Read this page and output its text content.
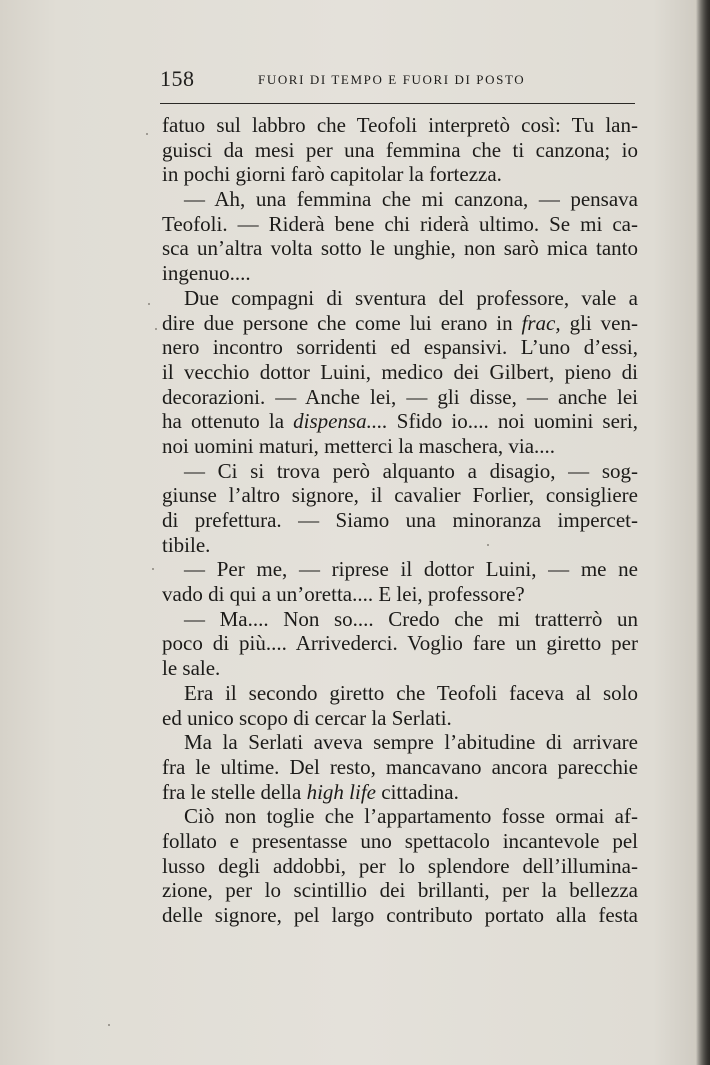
158	FUORI DI TEMPO E FUORI DI POSTO
fatuo sul labbro che Teofoli interpretò così: Tu lan-
guisci da mesi per una femmina che ti canzona; io
in pochi giorni farò capitolar la fortezza.
— Ah, una femmina che mi canzona, — pensava
Teofoli. — Riderà bene chi riderà ultimo. Se mi ca-
sca un’altra volta sotto le unghie, non sarò mica tanto
ingenuo....
Due compagni di sventura del professore, vale a
dire due persone che come lui erano in frac, gli ven-
nero incontro sorridenti ed espansivi. L’uno d’essi,
il vecchio dottor Luini, medico dei Gilbert, pieno di
decorazioni. — Anche lei, — gli disse, — anche lei
ha ottenuto la dispensa.... Sfido io.... noi uomini seri,
noi uomini maturi, metterci la maschera, via....
— Ci si trova però alquanto a disagio, — sog-
giunse l’altro signore, il cavalier Forlier, consigliere
di prefettura. — Siamo una minoranza impercet-
tibile.
— Per me, — riprese il dottor Luini, — me ne
vado di qui a un’oretta.... E lei, professore?
— Ma.... Non so.... Credo che mi tratterrò un
poco di più.... Arrivederci. Voglio fare un giretto per
le sale.
Era il secondo giretto che Teofoli faceva al solo
ed unico scopo di cercar la Serlati.
Ma la Serlati aveva sempre l’abitudine di arrivare
fra le ultime. Del resto, mancavano ancora parecchie
fra le stelle della high life cittadina.
Ciò non toglie che l’appartamento fosse ormai af-
follato e presentasse uno spettacolo incantevole pel
lusso degli addobbi, per lo splendore dell’illumina-
zione, per lo scintillio dei brillanti, per la bellezza
delle signore, pel largo contributo portato alla festa
